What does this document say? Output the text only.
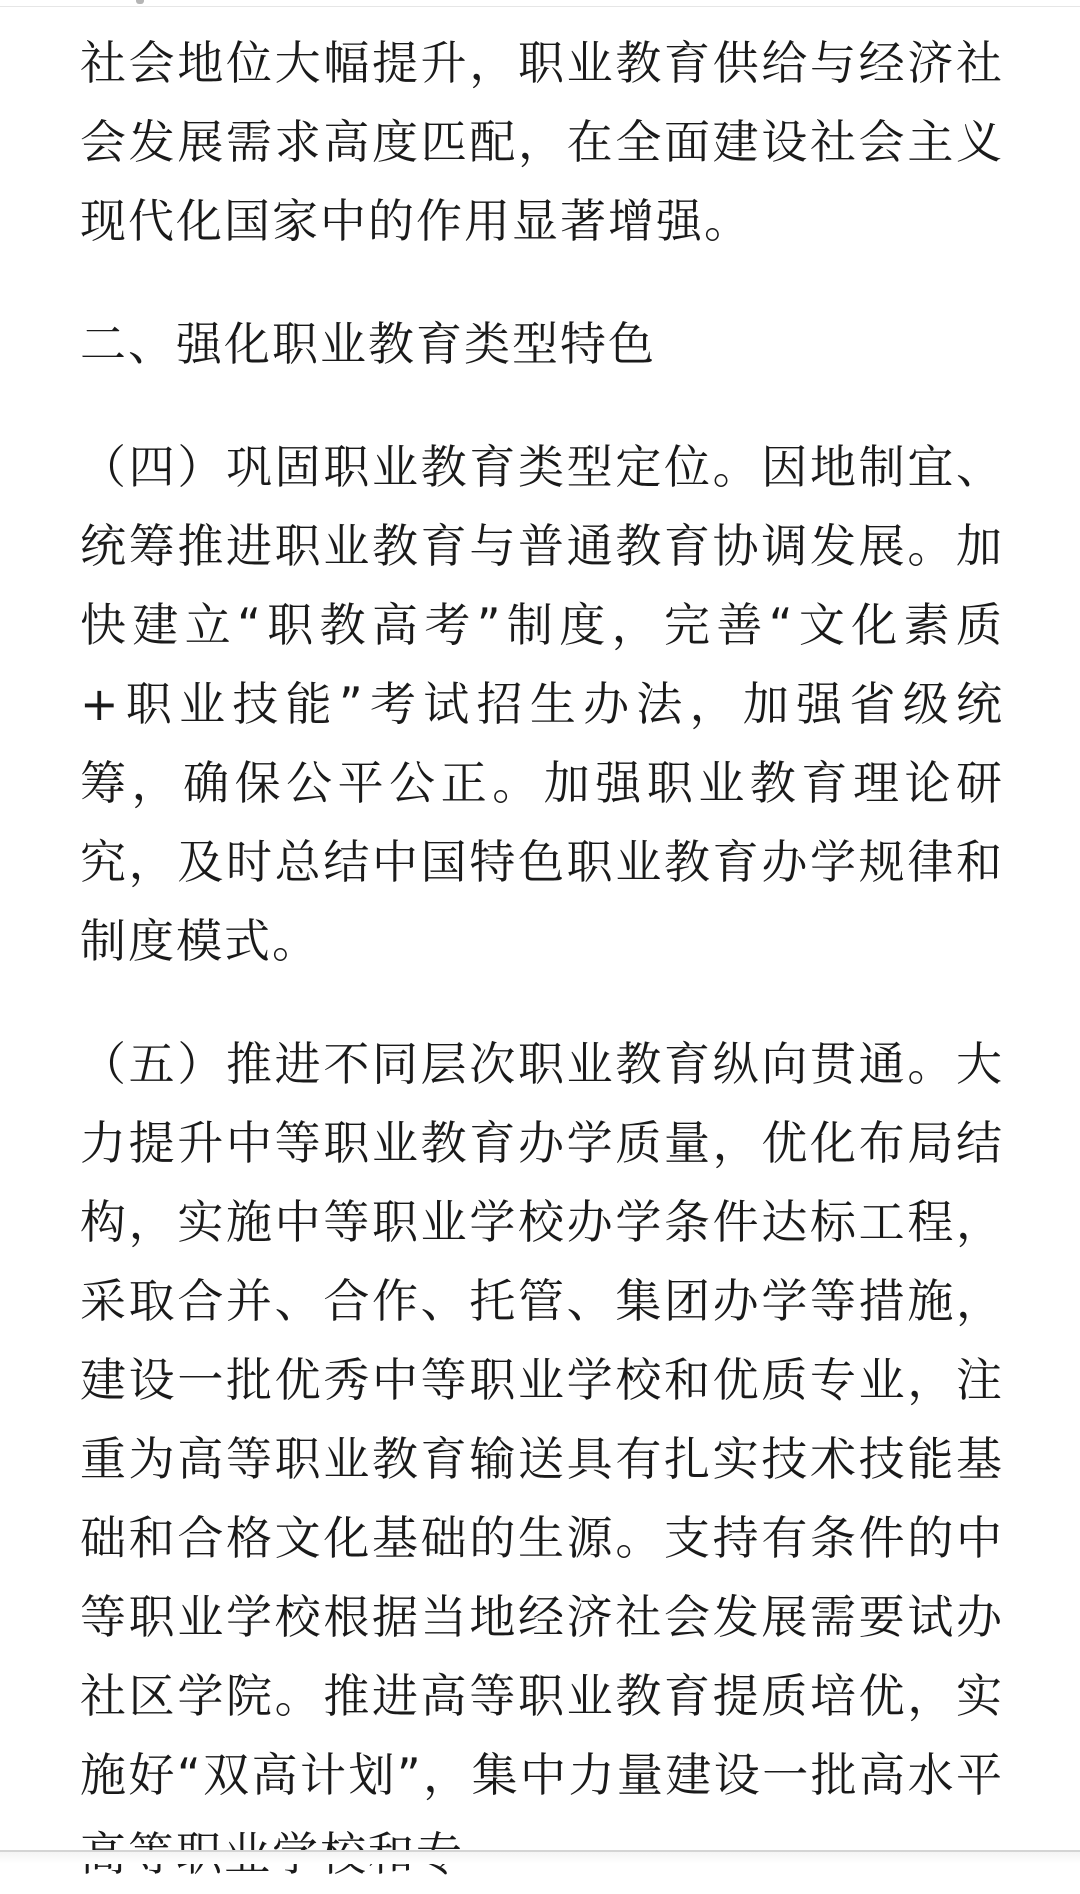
社会地位大幅提升，职业教育供给与经济社会发展需求高度匹配，在全面建设社会主义现代化国家中的作用显著增强。

二、强化职业教育类型特色

（四）巩固职业教育类型定位。因地制宜、统筹推进职业教育与普通教育协调发展。加快建立“职教高考”制度，完善“文化素质+职业技能”考试招生办法，加强省级统筹，确保公平公正。加强职业教育理论研究，及时总结中国特色职业教育办学规律和制度模式。

（五）推进不同层次职业教育纵向贯通。大力提升中等职业教育办学质量，优化布局结构，实施中等职业学校办学条件达标工程，采取合并、合作、托管、集团办学等措施，建设一批优秀中等职业学校和优质专业，注重为高等职业教育输送具有扎实技术技能基础和合格文化基础的生源。支持有条件的中等职业学校根据当地经济社会发展需要试办社区学院。推进高等职业教育提质培优，实施好“双高计划”，集中力量建设一批高水平
